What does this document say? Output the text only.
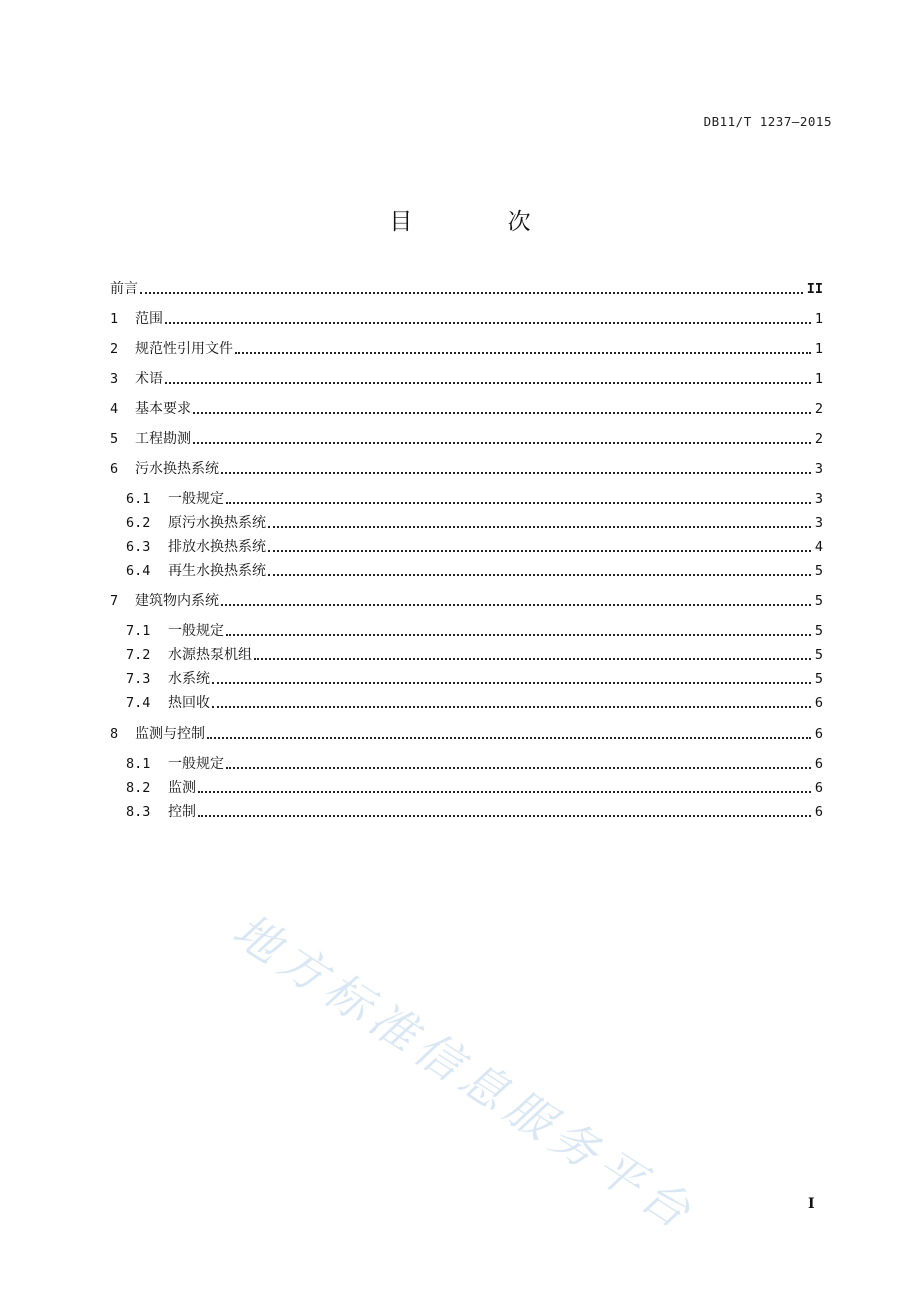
DB11/T 1237—2015
目 次
前言	II
1	范围	1
2	规范性引用文件	1
3	术语	1
4	基本要求	2
5	工程勘测	2
6	污水换热系统	3
6.1	一般规定	3
6.2	原污水换热系统	3
6.3	排放水换热系统	4
6.4	再生水换热系统	5
7	建筑物内系统	5
7.1	一般规定	5
7.2	水源热泵机组	5
7.3	水系统	5
7.4	热回收	6
8	监测与控制	6
8.1	一般规定	6
8.2	监测	6
8.3	控制	6
地方标准信息服务平台	I
